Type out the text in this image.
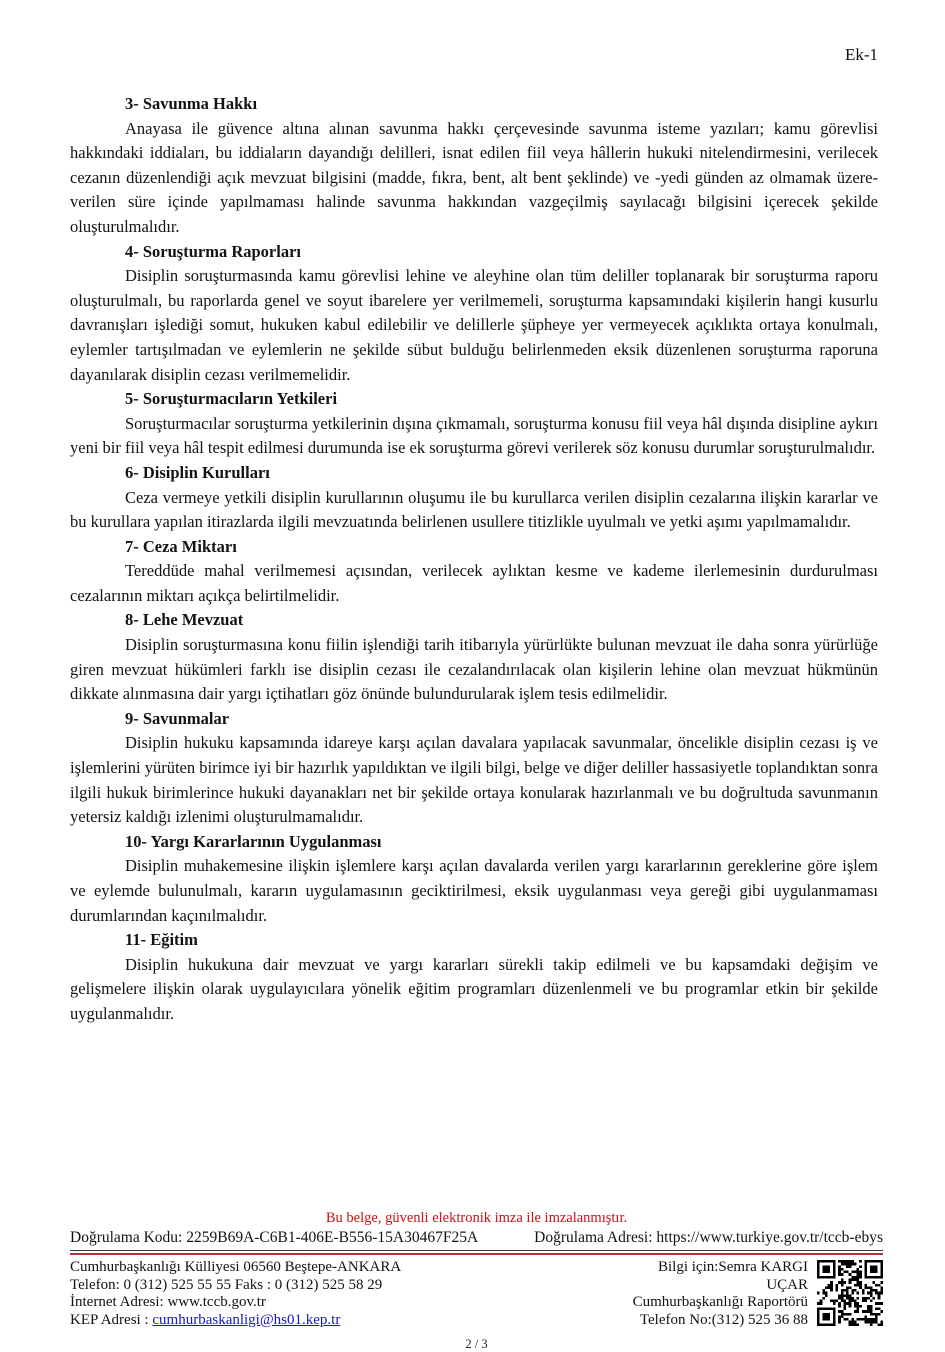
Ek-1
3- Savunma Hakkı

Anayasa ile güvence altına alınan savunma hakkı çerçevesinde savunma isteme yazıları; kamu görevlisi hakkındaki iddiaları, bu iddiaların dayandığı delilleri, isnat edilen fiil veya hâllerin hukuki nitelendirmesini, verilecek cezanın düzenlendiği açık mevzuat bilgisini (madde, fıkra, bent, alt bent şeklinde) ve -yedi günden az olmamak üzere- verilen süre içinde yapılmaması halinde savunma hakkından vazgeçilmiş sayılacağı bilgisini içerecek şekilde oluşturulmalıdır.

4- Soruşturma Raporları

Disiplin soruşturmasında kamu görevlisi lehine ve aleyhine olan tüm deliller toplanarak bir soruşturma raporu oluşturulmalı, bu raporlarda genel ve soyut ibarelere yer verilmemeli, soruşturma kapsamındaki kişilerin hangi kusurlu davranışları işlediği somut, hukuken kabul edilebilir ve delillerle şüpheye yer vermeyecek açıklıkta ortaya konulmalı, eylemler tartışılmadan ve eylemlerin ne şekilde sübut bulduğu belirlenmeden eksik düzenlenen soruşturma raporuna dayanılarak disiplin cezası verilmemelidir.

5- Soruşturmacıların Yetkileri

Soruşturmacılar soruşturma yetkilerinin dışına çıkmamalı, soruşturma konusu fiil veya hâl dışında disipline aykırı yeni bir fiil veya hâl tespit edilmesi durumunda ise ek soruşturma görevi verilerek söz konusu durumlar soruşturulmalıdır.

6- Disiplin Kurulları

Ceza vermeye yetkili disiplin kurullarının oluşumu ile bu kurullarca verilen disiplin cezalarına ilişkin kararlar ve bu kurullara yapılan itirazlarda ilgili mevzuatında belirlenen usullere titizlikle uyulmalı ve yetki aşımı yapılmamalıdır.

7- Ceza Miktarı

Tereddüde mahal verilmemesi açısından, verilecek aylıktan kesme ve kademe ilerlemesinin durdurulması cezalarının miktarı açıkça belirtilmelidir.

8- Lehe Mevzuat

Disiplin soruşturmasına konu fiilin işlendiği tarih itibarıyla yürürlükte bulunan mevzuat ile daha sonra yürürlüğe giren mevzuat hükümleri farklı ise disiplin cezası ile cezalandırılacak olan kişilerin lehine olan mevzuat hükmünün dikkate alınmasına dair yargı içtihatları göz önünde bulundurularak işlem tesis edilmelidir.

9- Savunmalar

Disiplin hukuku kapsamında idareye karşı açılan davalara yapılacak savunmalar, öncelikle disiplin cezası iş ve işlemlerini yürüten birimce iyi bir hazırlık yapıldıktan ve ilgili bilgi, belge ve diğer deliller hassasiyetle toplandıktan sonra ilgili hukuk birimlerince hukuki dayanakları net bir şekilde ortaya konularak hazırlanmalı ve bu doğrultuda savunmanın yetersiz kaldığı izlenimi oluşturulmamalıdır.

10- Yargı Kararlarının Uygulanması

Disiplin muhakemesine ilişkin işlemlere karşı açılan davalarda verilen yargı kararlarının gereklerine göre işlem ve eylemde bulunulmalı, kararın uygulamasının geciktirilmesi, eksik uygulanması veya gereği gibi uygulanmaması durumlarından kaçınılmalıdır.

11- Eğitim

Disiplin hukukuna dair mevzuat ve yargı kararları sürekli takip edilmeli ve bu kapsamdaki değişim ve gelişmelere ilişkin olarak uygulayıcılara yönelik eğitim programları düzenlenmeli ve bu programlar etkin bir şekilde uygulanmalıdır.

Bu belge, güvenli elektronik imza ile imzalanmıştır.
Doğrulama Kodu: 2259B69A-C6B1-406E-B556-15A30467F25A	Doğrulama Adresi: https://www.turkiye.gov.tr/tccb-ebys
Cumhurbaşkanlığı Külliyesi 06560 Beştepe-ANKARA
Telefon: 0 (312) 525 55 55 Faks : 0 (312) 525 58 29
İnternet Adresi: www.tccb.gov.tr
KEP Adresi : cumhurbaskanligi@hs01.kep.tr
Bilgi için:Semra KARGI
UÇAR
Cumhurbaşkanlığı Raportörü
Telefon No:(312) 525 36 88
2 / 3
